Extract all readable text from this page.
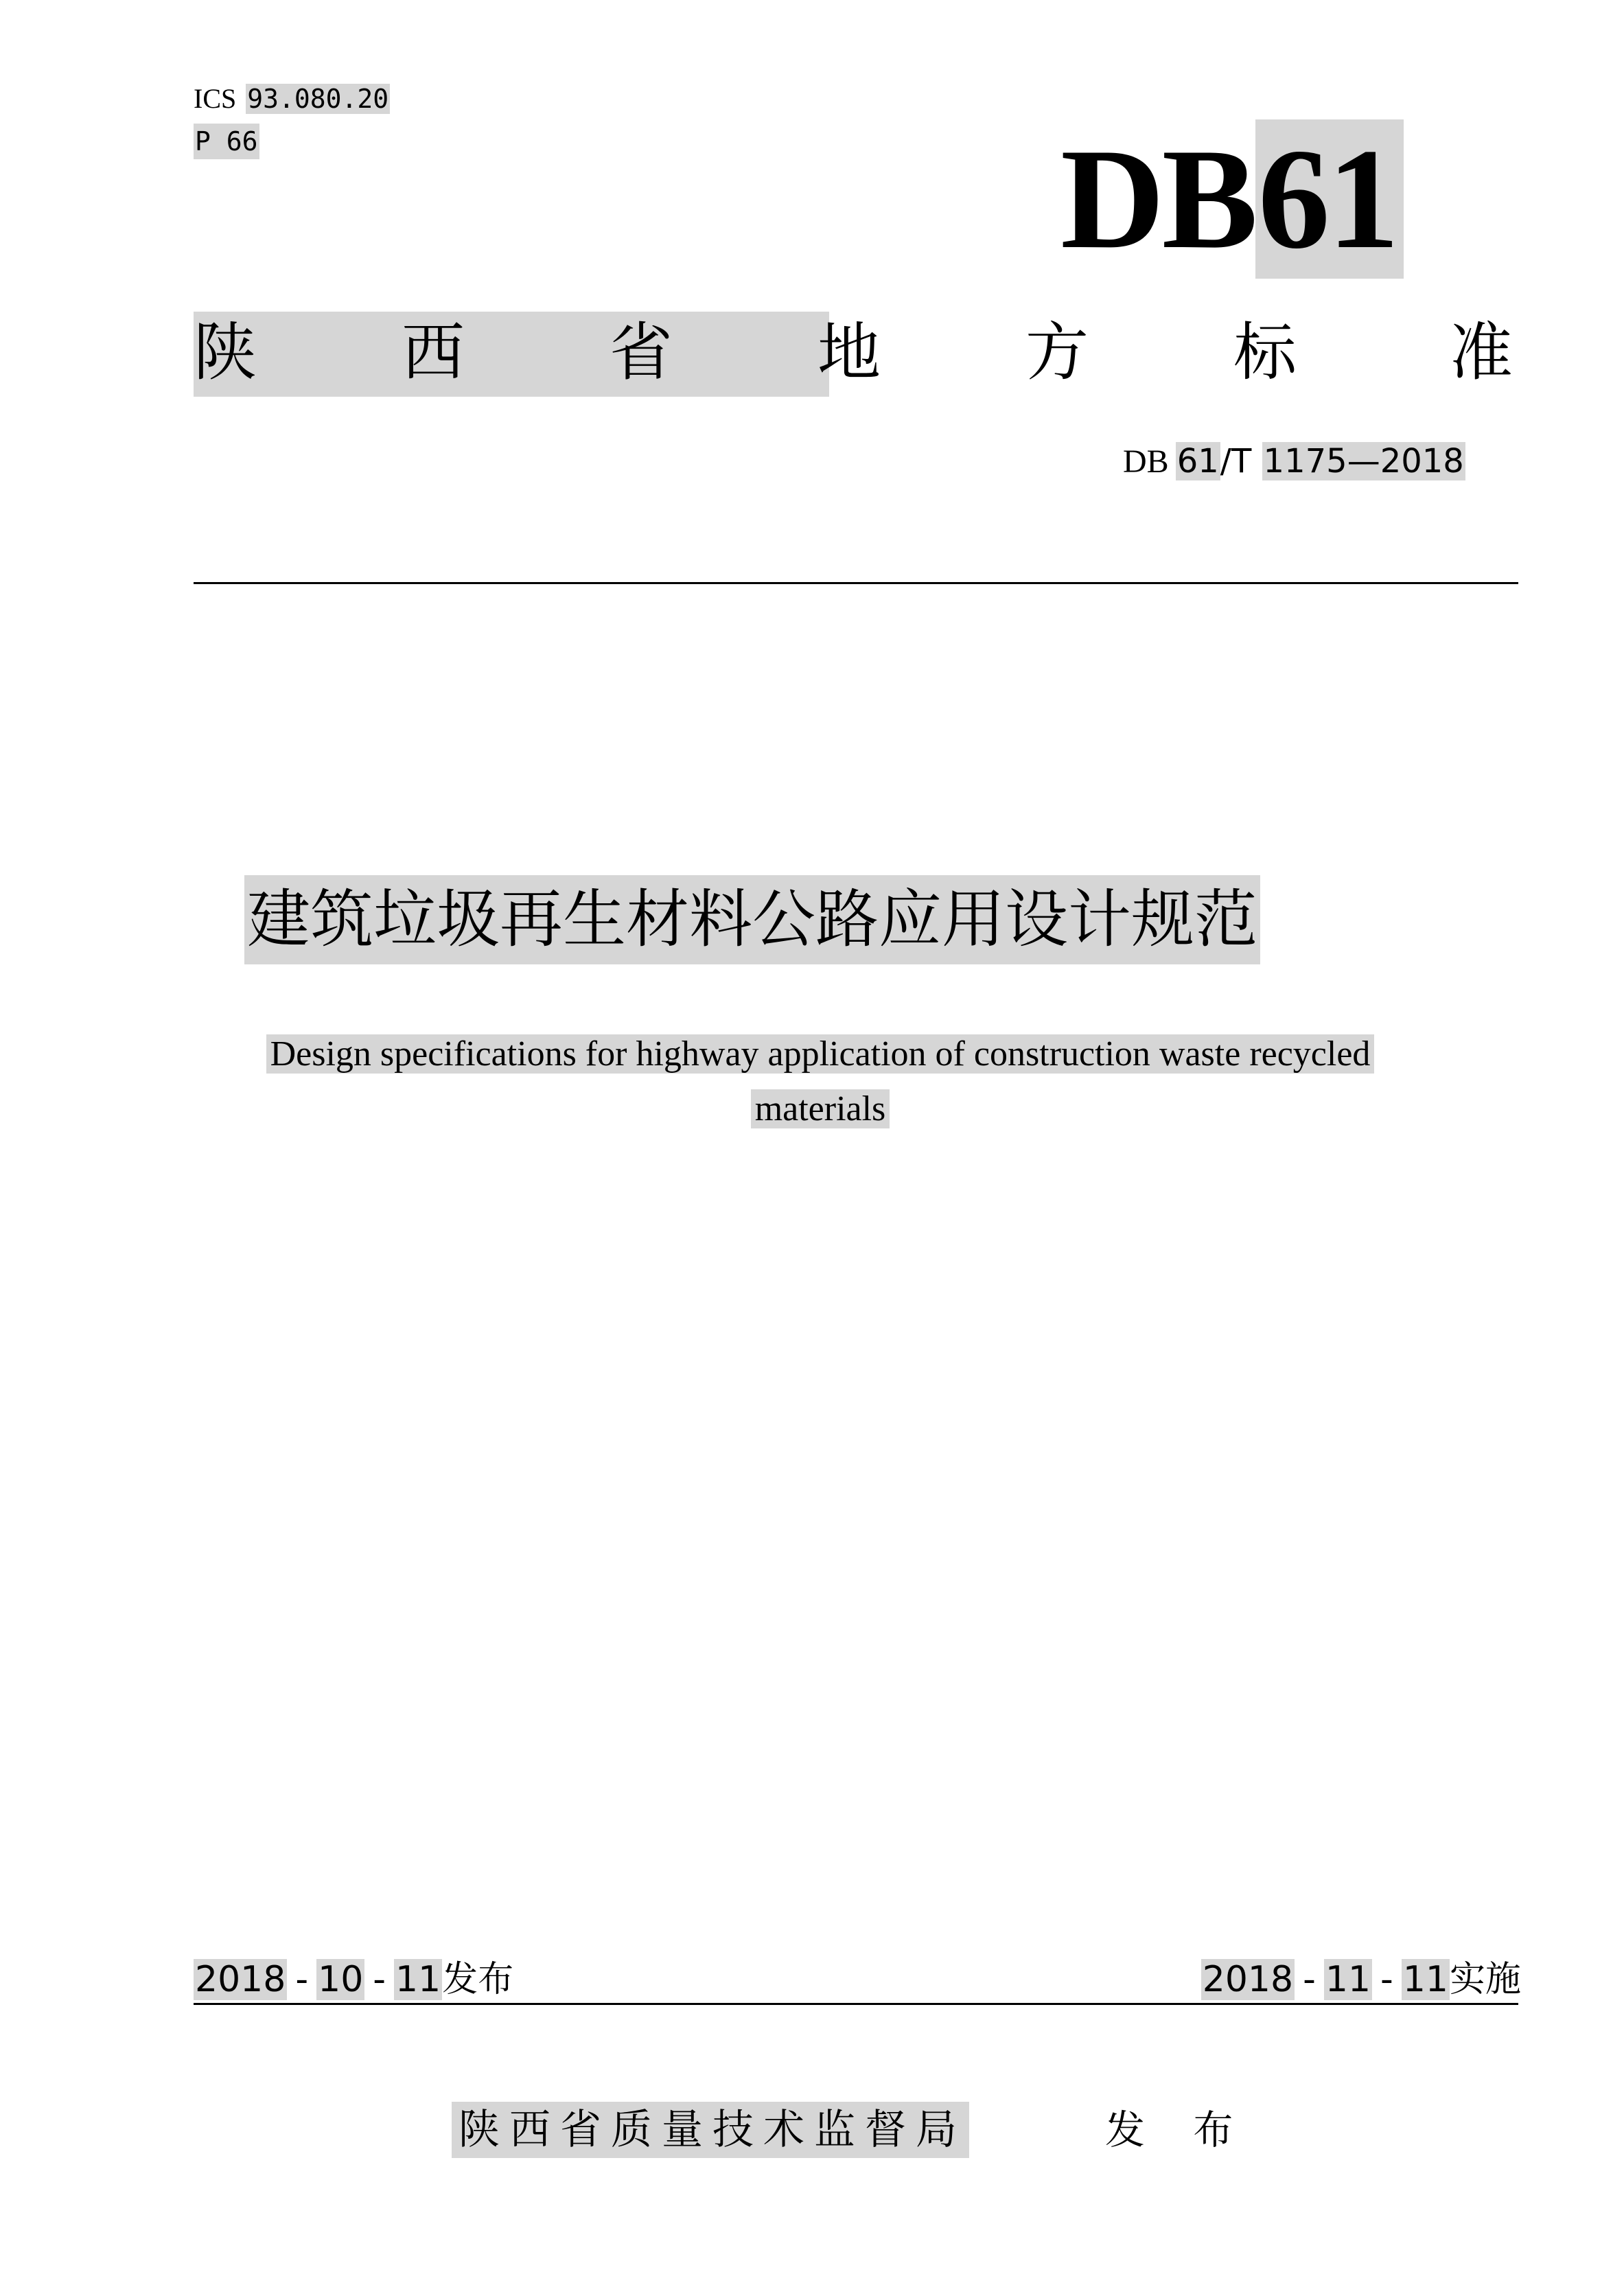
ICS 93.080.20
P 66	DB61
陕 西 省 地 方 标 准
DB 61/T 1175—2018
建筑垃圾再生材料公路应用设计规范
Design specifications for highway application of construction waste recycled
materials
2018 - 10 - 11发布	2018 - 11 - 11实施
陕西省质量技术监督局	发 布
